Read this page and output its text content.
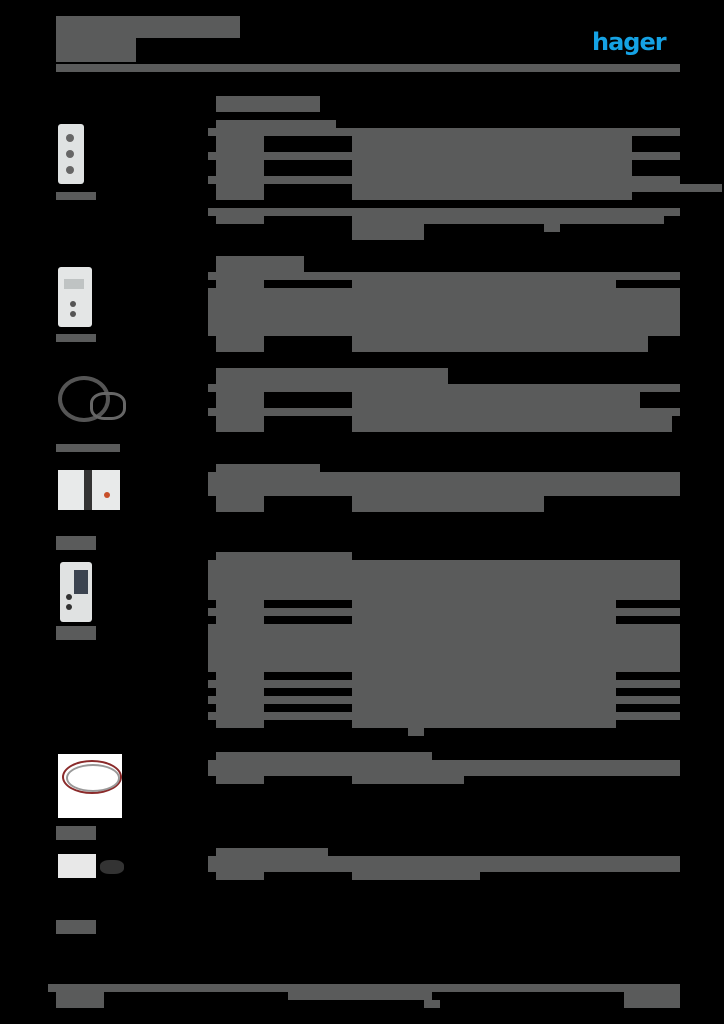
hager
